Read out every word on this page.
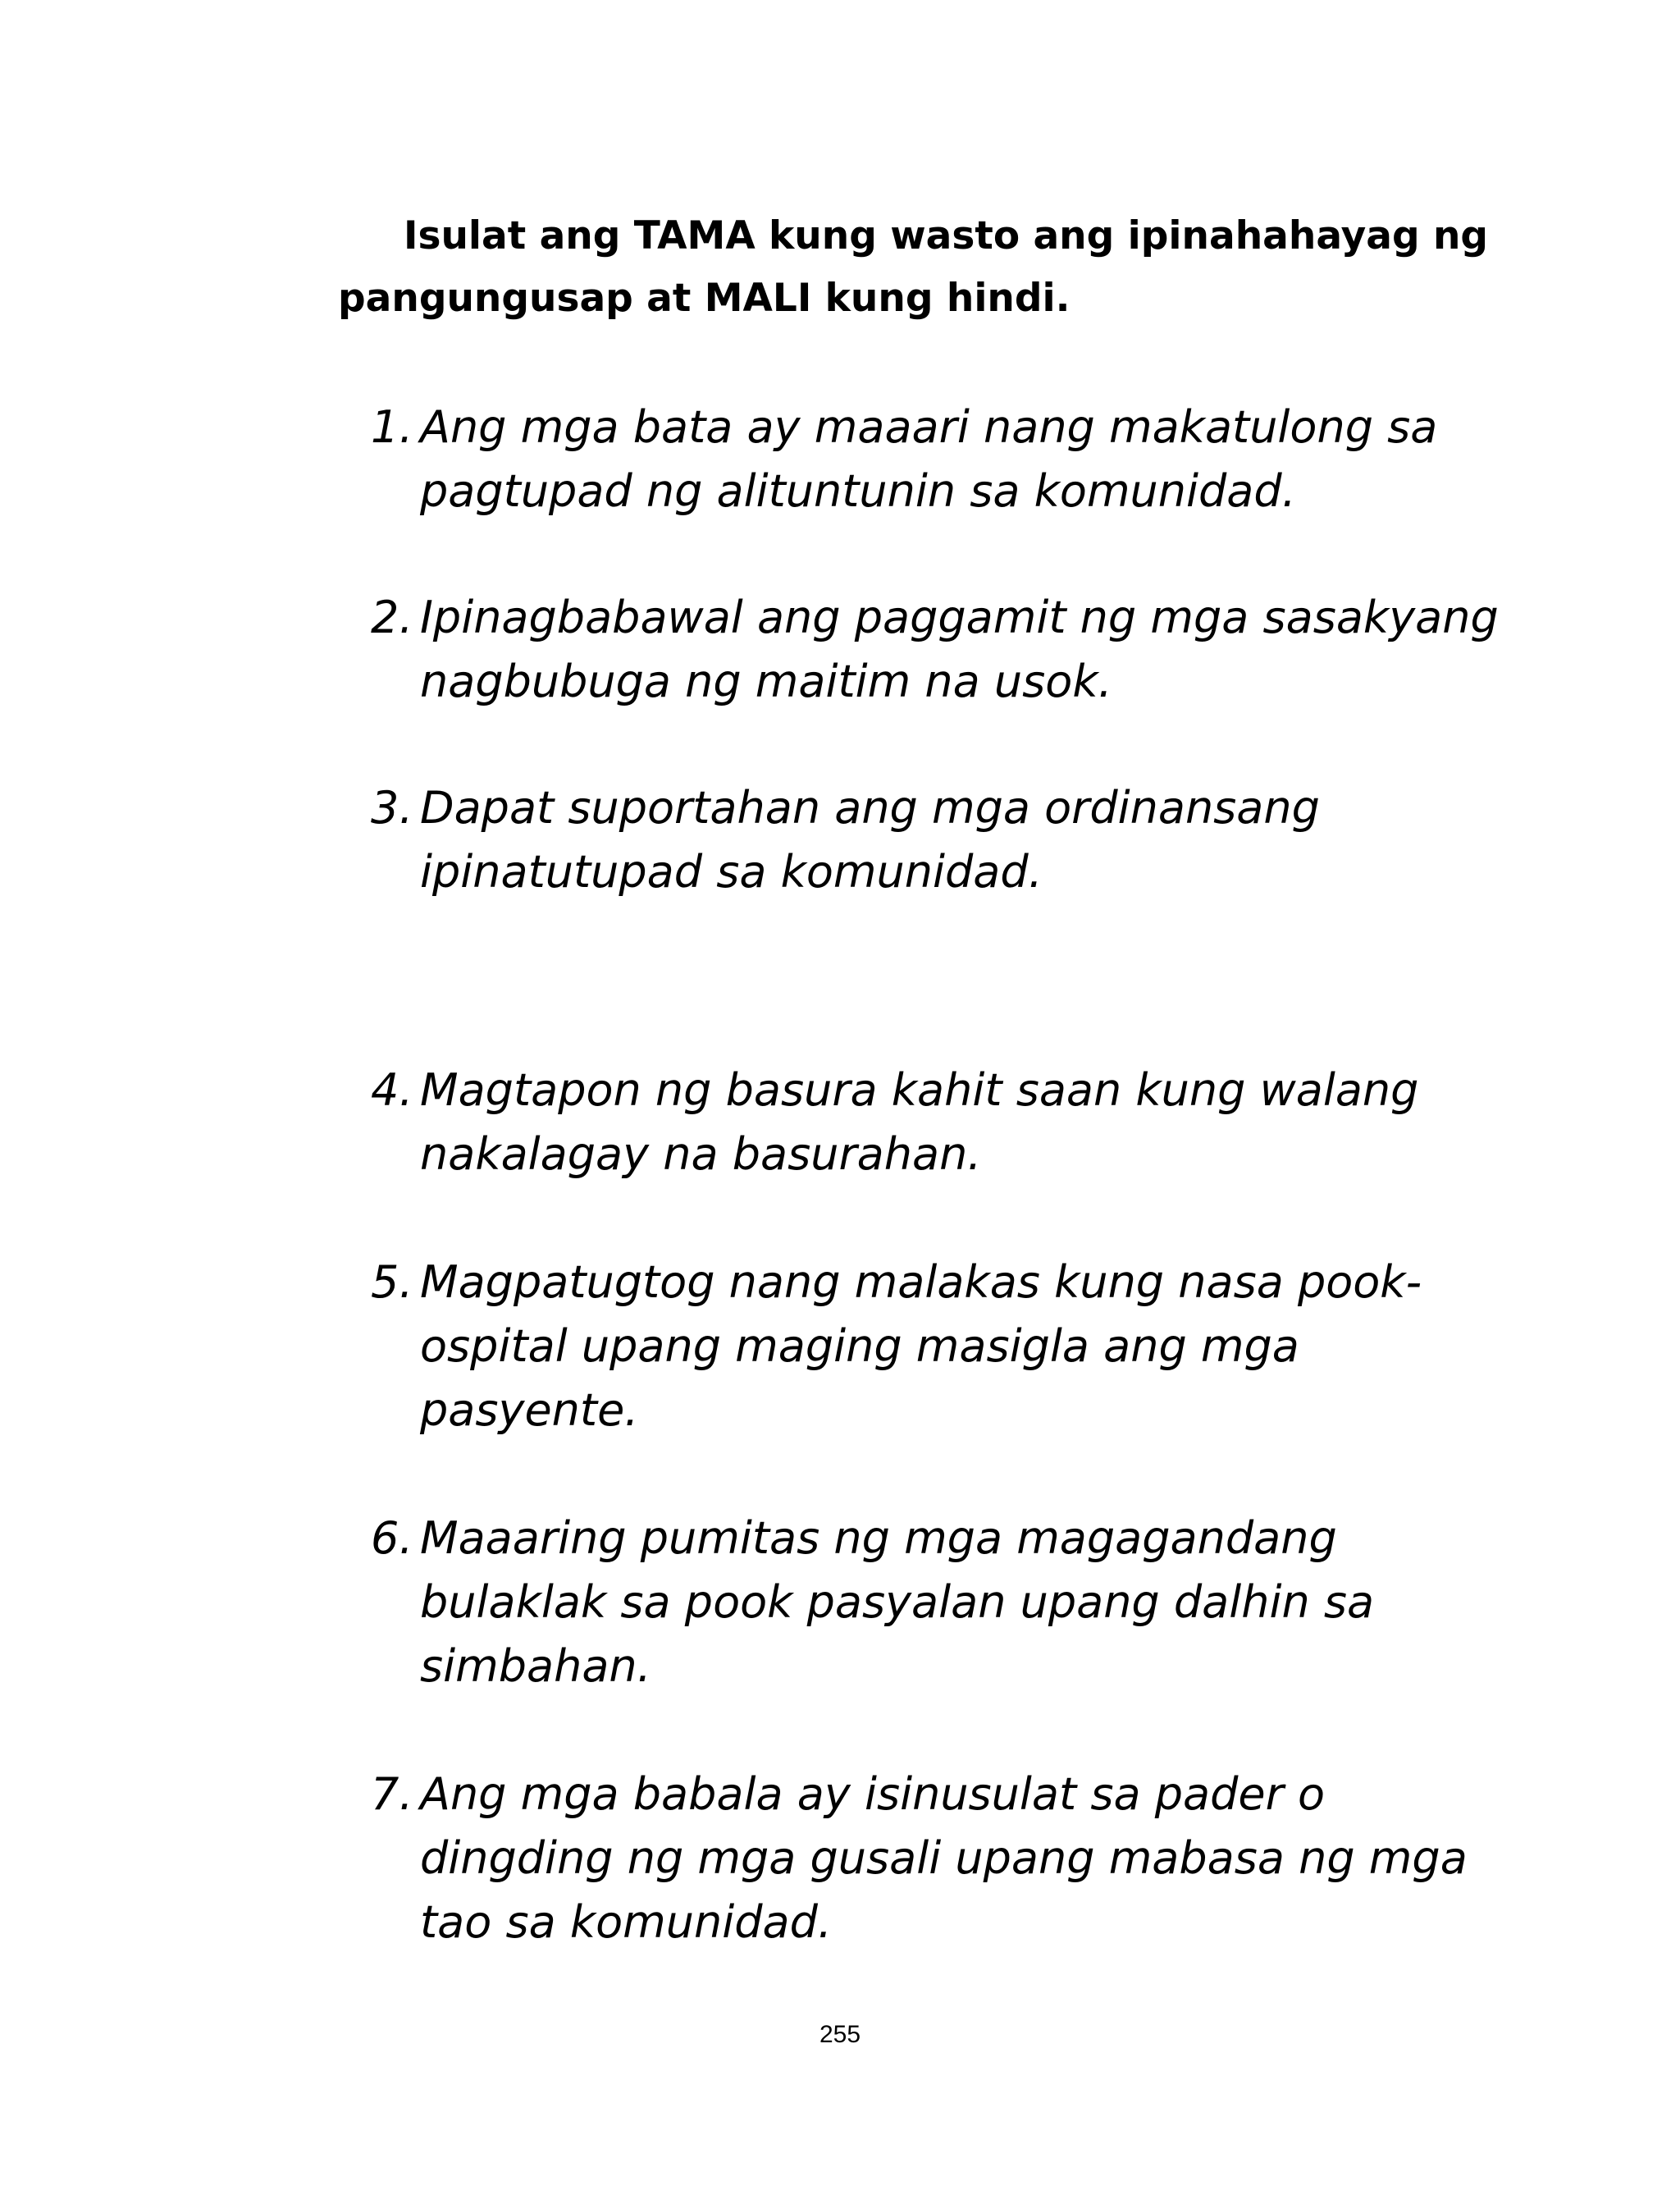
Isulat ang TAMA kung wasto ang ipinahahayag ng pangungusap at MALI kung hindi.

1. Ang mga bata ay maaari nang makatulong sa pagtupad ng alituntunin sa komunidad.
2. Ipinagbabawal ang paggamit ng mga sasakyang nagbubuga ng maitim na usok.
3. Dapat suportahan ang mga ordinansang ipinatutupad sa komunidad.
4. Magtapon ng basura kahit saan kung walang nakalagay na basurahan.
5. Magpatugtog nang malakas kung nasa pook-ospital upang maging masigla ang mga pasyente.
6. Maaaring pumitas ng mga magagandang bulaklak sa pook pasyalan upang dalhin sa simbahan.
7. Ang mga babala ay isinusulat sa pader o dingding ng mga gusali upang mabasa ng mga tao sa komunidad.
255
